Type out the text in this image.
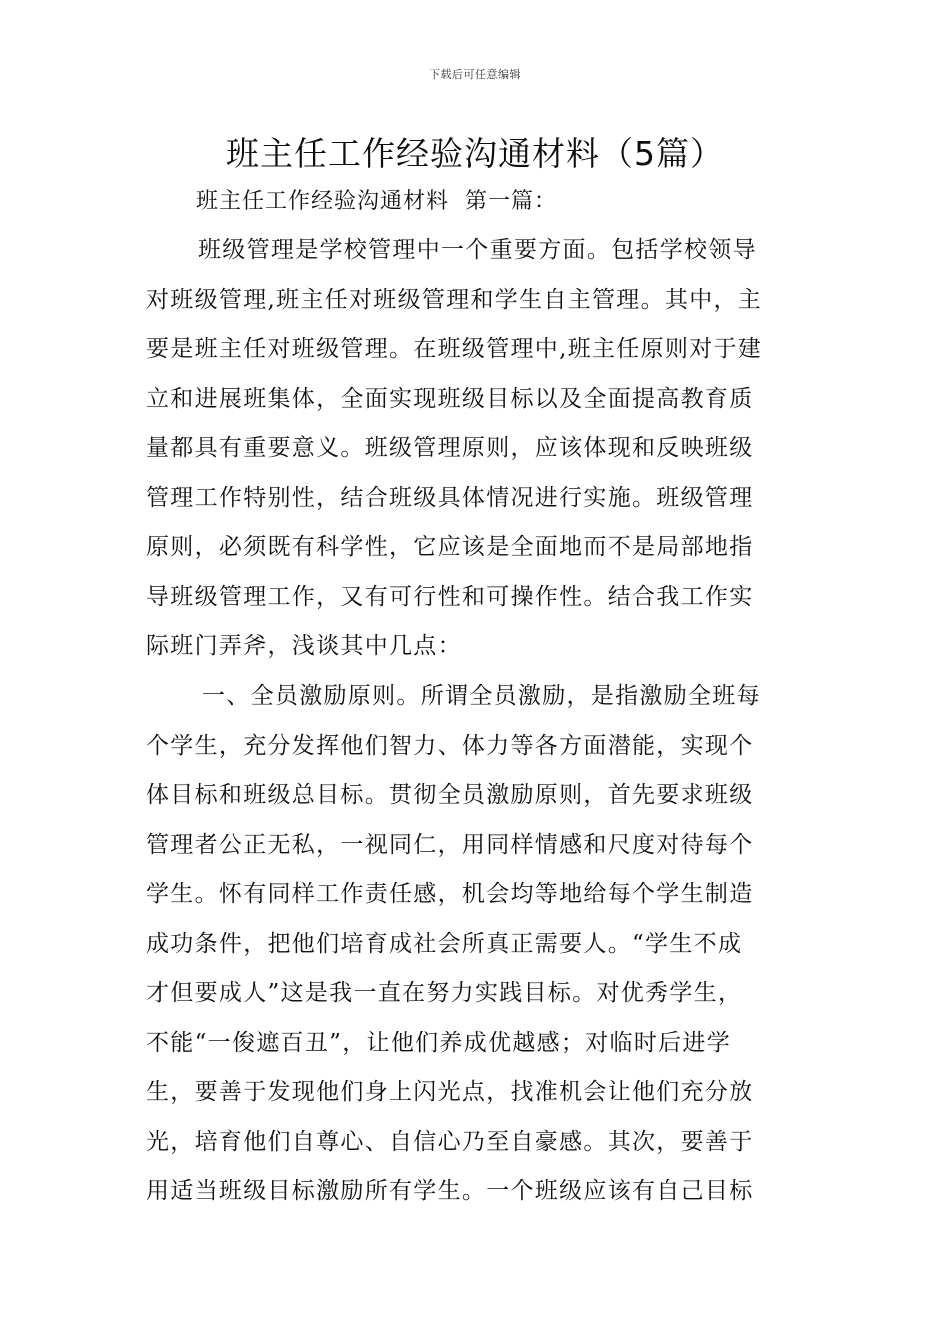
下载后可任意编辑
班主任工作经验沟通材料（5篇）
班主任工作经验沟通材料  第一篇：
班级管理是学校管理中一个重要方面。包括学校领导
对班级管理,班主任对班级管理和学生自主管理。其中，主
要是班主任对班级管理。在班级管理中,班主任原则对于建
立和进展班集体，全面实现班级目标以及全面提高教育质
量都具有重要意义。班级管理原则，应该体现和反映班级
管理工作特别性，结合班级具体情况进行实施。班级管理
原则，必须既有科学性，它应该是全面地而不是局部地指
导班级管理工作，又有可行性和可操作性。结合我工作实
际班门弄斧，浅谈其中几点：
一、全员激励原则。所谓全员激励，是指激励全班每
个学生，充分发挥他们智力、体力等各方面潜能，实现个
体目标和班级总目标。贯彻全员激励原则，首先要求班级
管理者公正无私，一视同仁，用同样情感和尺度对待每个
学生。怀有同样工作责任感，机会均等地给每个学生制造
成功条件，把他们培育成社会所真正需要人。“学生不成
才但要成人”这是我一直在努力实践目标。对优秀学生，
不能“一俊遮百丑”，让他们养成优越感；对临时后进学
生，要善于发现他们身上闪光点，找准机会让他们充分放
光，培育他们自尊心、自信心乃至自豪感。其次，要善于
用适当班级目标激励所有学生。一个班级应该有自己目标
